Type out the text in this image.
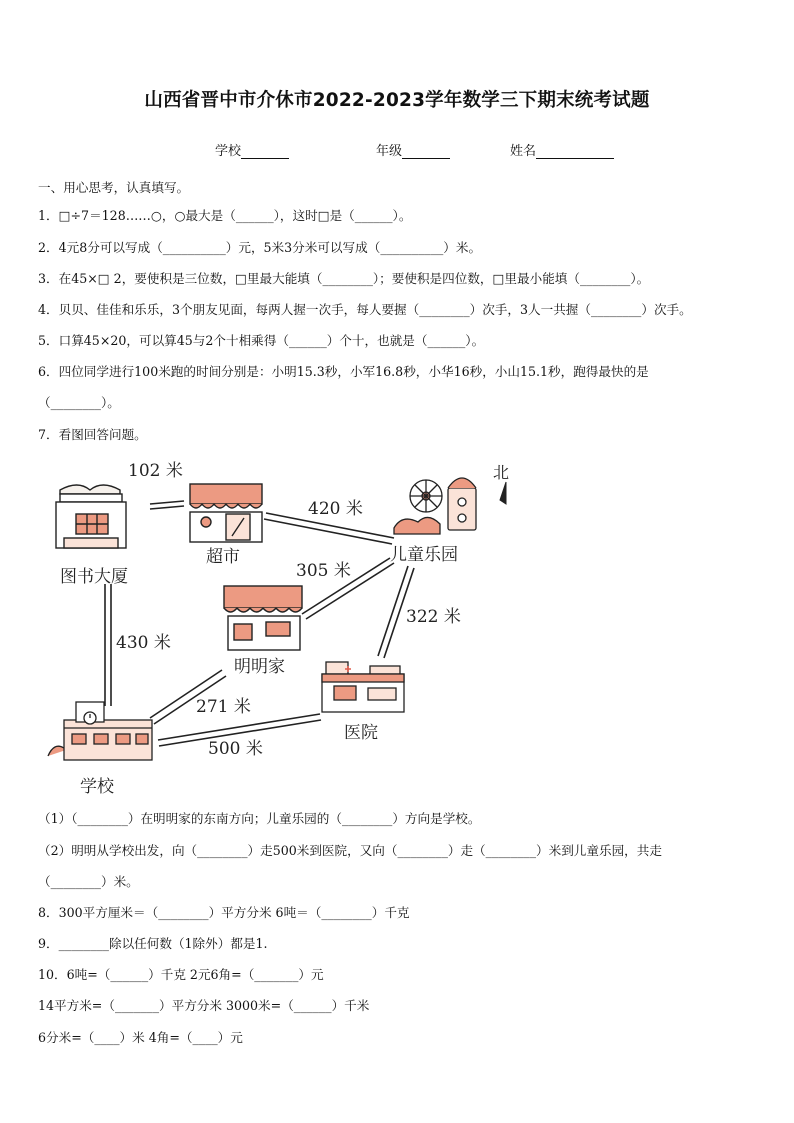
山西省晋中市介休市2022-2023学年数学三下期末统考试题
学校	年级	姓名
一、用心思考，认真填写。
1．□÷7＝128……○，○最大是（______），这时□是（______）。
2．4元8分可以写成（__________）元，5米3分米可以写成（__________）米。
3．在45×□ 2，要使积是三位数，□里最大能填（________）；要使积是四位数，□里最小能填（________）。
4．贝贝、佳佳和乐乐，3个朋友见面，每两人握一次手，每人要握（________）次手，3人一共握（________）次手。
5．口算45×20，可以算45与2个十相乘得（______）个十，也就是（______）。
6．四位同学进行100米跑的时间分别是：小明15.3秒，小军16.8秒，小华16秒，小山15.1秒，跑得最快的是
（________）。
7．看图回答问题。
图书大厦
超市	儿童乐园
北
明明家
医院
学校
102 米
420 米
305 米
430 米
322 米
271 米
500 米
（1）（________）在明明家的东南方向；儿童乐园的（________）方向是学校。
（2）明明从学校出发，向（________）走500米到医院，又向（________）走（________）米到儿童乐园，共走
（________）米。
8．300平方厘米＝（________）平方分米 6吨＝（________）千克
9．________除以任何数（1除外）都是1.
10．6吨=（______）千克 2元6角=（_______）元
14平方米=（_______）平方分米 3000米=（______）千米
6分米=（____）米 4角=（____）元
